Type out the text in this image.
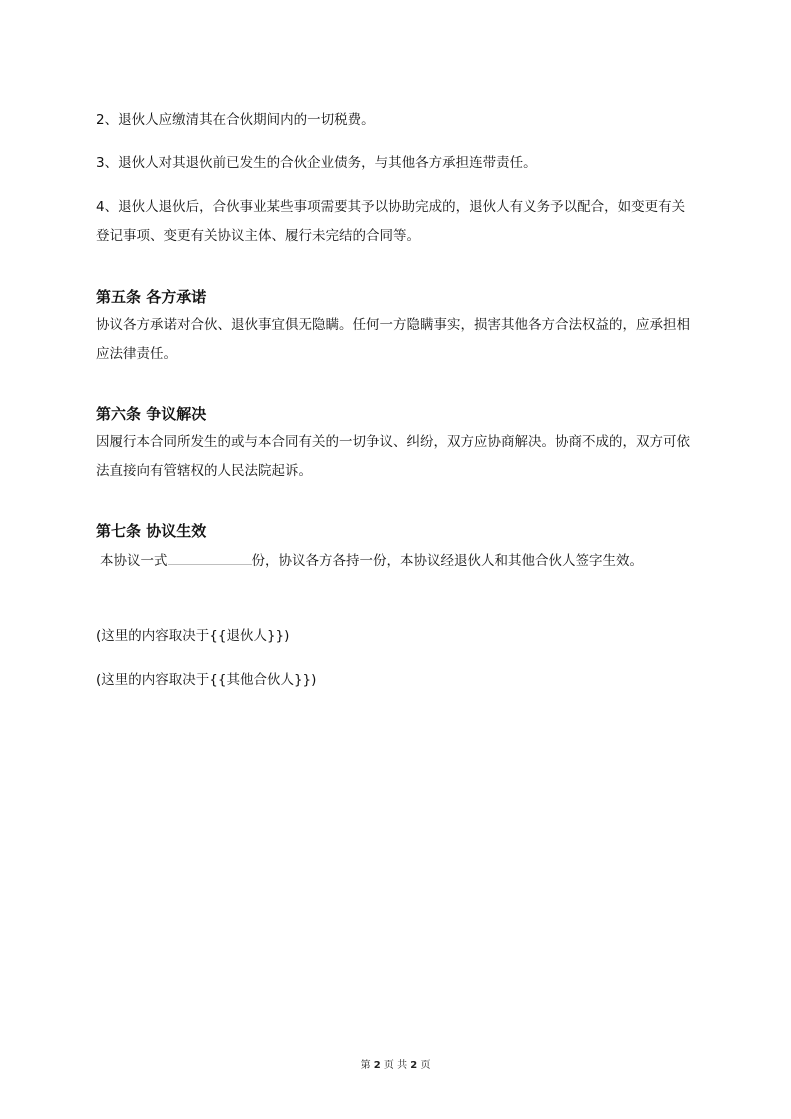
2、退伙人应缴清其在合伙期间内的一切税费。

3、退伙人对其退伙前已发生的合伙企业债务，与其他各方承担连带责任。

4、退伙人退伙后，合伙事业某些事项需要其予以协助完成的，退伙人有义务予以配合，如变更有关登记事项、变更有关协议主体、履行未完结的合同等。

第五条 各方承诺

协议各方承诺对合伙、退伙事宜俱无隐瞒。任何一方隐瞒事实，损害其他各方合法权益的，应承担相应法律责任。

第六条 争议解决

因履行本合同所发生的或与本合同有关的一切争议、纠纷，双方应协商解决。协商不成的，双方可依法直接向有管辖权的人民法院起诉。

第七条 协议生效

本协议一式	份，协议各方各持一份，本协议经退伙人和其他合伙人签字生效。

(这里的内容取决于{{退伙人}})

(这里的内容取决于{{其他合伙人}})

第 2 页 共 2 页
